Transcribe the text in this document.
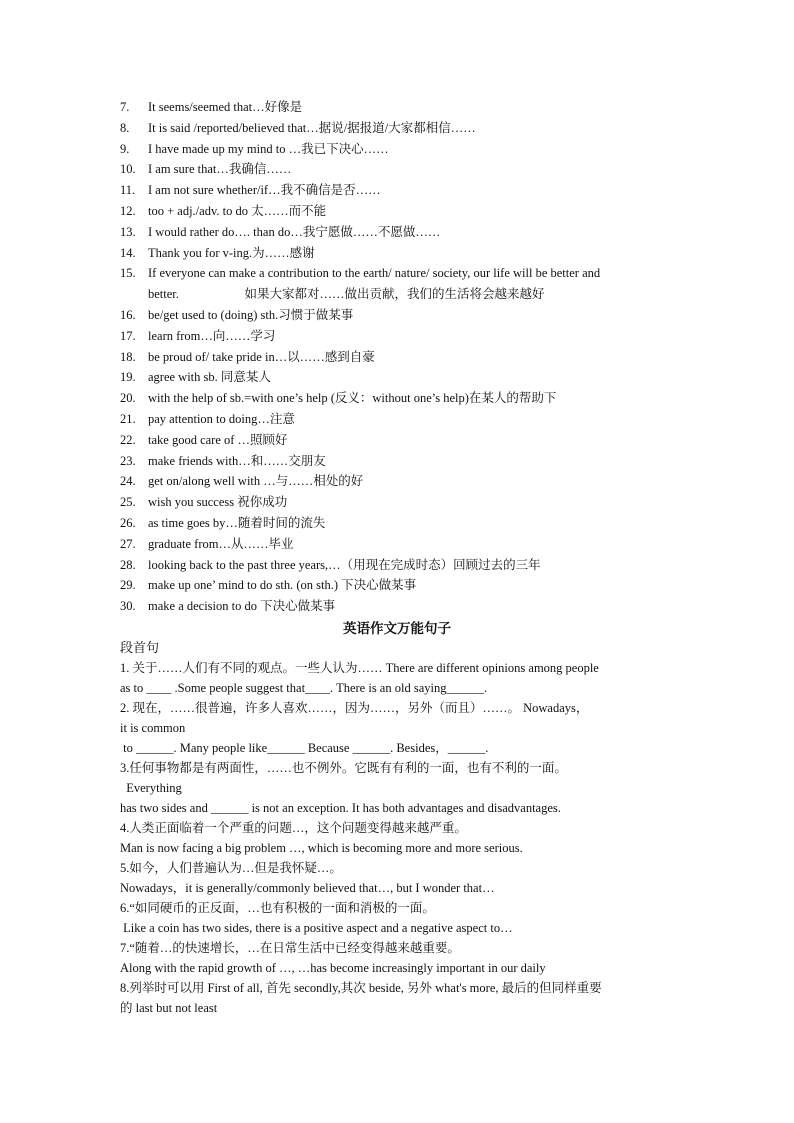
7.	It seems/seemed that…好像是
8.	It is said /reported/believed that…据说/据报道/大家都相信……
9.	I have made up my mind to …我已下决心……
10. I am sure that…我确信……
11.	I am not sure whether/if…我不确信是否……
12. too + adj./adv. to do 太……而不能
13. I would rather do…. than do…我宁愿做……不愿做……
14. Thank you for v-ing.为……感谢
15. If everyone can make a contribution to the earth/ nature/ society, our life will be better and
better.                     如果大家都对……做出贡献，我们的生活将会越来越好
16. be/get used to (doing) sth.习惯于做某事
17. learn from…向……学习
18. be proud of/ take pride in…以……感到自豪
19. agree with sb. 同意某人
20. with the help of sb.=with one’s help (反义：without one’s help)在某人的帮助下
21. pay attention to doing…注意
22. take good care of …照顾好
23. make friends with…和……交朋友
24. get on/along well with …与……相处的好
25. wish you success 祝你成功
26. as time goes by…随着时间的流失
27. graduate from…从……毕业
28. looking back to the past three years,…（用现在完成时态）回顾过去的三年
29. make up one’ mind to do sth. (on sth.) 下决心做某事
30. make a decision to do 下决心做某事
英语作文万能句子

段首句

1. 关于……人们有不同的观点。一些人认为…… There are different opinions among people

as to ____ .Some people suggest that____. There is an old saying______.

2. 现在，……很普遍，许多人喜欢……，因为……，另外（而且）……。 Nowadays，

it is common

to ______. Many people like______ Because ______. Besides，______.

3.任何事物都是有两面性，……也不例外。它既有有利的一面，也有不利的一面。

Everything

has two sides and ______ is not an exception. It has both advantages and disadvantages.

4.人类正面临着一个严重的问题…，这个问题变得越来越严重。

Man is now facing a big problem …, which is becoming more and more serious.

5.如今，人们普遍认为…但是我怀疑…。

Nowadays，it is generally/commonly believed that…, but I wonder that…

6.“如同硬币的正反面，…也有积极的一面和消极的一面。

Like a coin has two sides, there is a positive aspect and a negative aspect to…

7.“随着…的快速增长，…在日常生活中已经变得越来越重要。

Along with the rapid growth of …, …has become increasingly important in our daily

8.列举时可以用 First of all, 首先 secondly,其次 beside, 另外 what's more, 最后的但同样重要

的 last but not least
